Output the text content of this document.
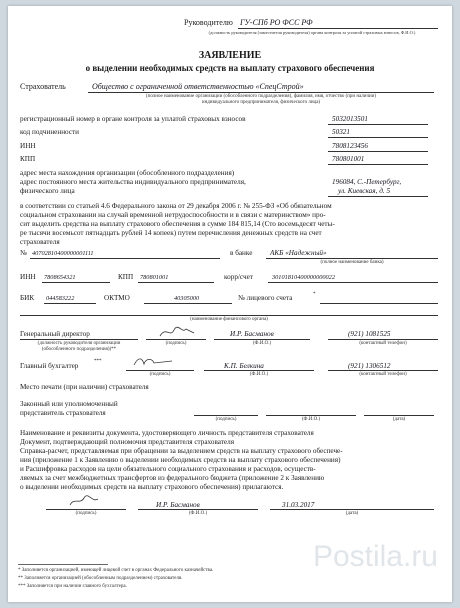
Руководителю ГУ-СПб РО ФСС РФ
(должность руководителя (заместителя руководителя) органа контроля за уплатой страховых взносов, Ф.И.О.)
ЗАЯВЛЕНИЕ
о выделении необходимых средств на выплату страхового обеспечения
Страхователь	Общество с ограниченной ответственностью «СпецСтрой»
(полное наименование организации (обособленного подразделения), фамилия, имя, отчество (при наличии)
индивидуального предпринимателя, физического лица)
регистрационный номер в органе контроля за уплатой страховых взносов	5032013501
код подчиненности	50321
ИНН	7808123456
КПП	780801001
адрес места нахождения организации (обособленного подразделения)
адрес постоянного места жительства индивидуального предпринимателя,
физического лица
196084, С.-Петербург,
ул. Киевская, д. 5
в соответствии со статьей 4.6 Федерального закона от 29 декабря 2006 г. № 255-ФЗ «Об обязательном
социальном страховании на случай временной нетрудоспособности и в связи с материнством» про-
сит выделить средства на выплату страхового обеспечения в сумме 184 815,14 (Сто восемьдесят четы-
ре тысячи восемьсот пятнадцать рублей 14 копеек) путем перечисления денежных средств на счет
страхователя
№ 40702810400000001111	в банке АКБ «Надежный»
(полное наименование банка)
ИНН 7808654321	КПП 780801001	корр/счет	30101810400000000022
БИК 044583222	ОКТМО	40305000	№ лицевого счета	*
(наименование финансового органа)
Генеральный директор	И.Р. Басманов	(921) 1081525
(должность руководителя организации
(обособленного подразделения))**
(подпись)	(Ф.И.О.)	(контактный телефон)
Главный бухгалтер
***
К.П. Белкина	(921) 1306512
(подпись)	(Ф.И.О.)	(контактный телефон)
Место печати (при наличии) страхователя
Законный или уполномоченный
представитель страхователя
(подпись)	(Ф.И.О.)	(дата)
Наименование и реквизиты документа, удостоверяющего личность представителя страхователя
Документ, подтверждающий полномочия представителя страхователя
Справка-расчет, представляемая при обращении за выделением средств на выплату страхового обеспече-
ния (приложение 1 к Заявлению о выделении необходимых средств на выплату страхового обеспечения)
и Расшифровка расходов на цели обязательного социального страхования и расходов, осуществ-
ляемых за счет межбюджетных трансфертов из федерального бюджета (приложение 2 к Заявлению
о выделении необходимых средств на выплату страхового обеспечения) прилагаются.
И.Р. Басманов	31.03.2017
(подпись)	(Ф.И.О.)	(дата)
* Заполняется организацией, имеющей лицевой счет в органах Федерального казначейства.
** Заполняется организацией (обособленным подразделением) страхователя.
*** Заполняется при наличии главного бухгалтера.
Postila.ru
